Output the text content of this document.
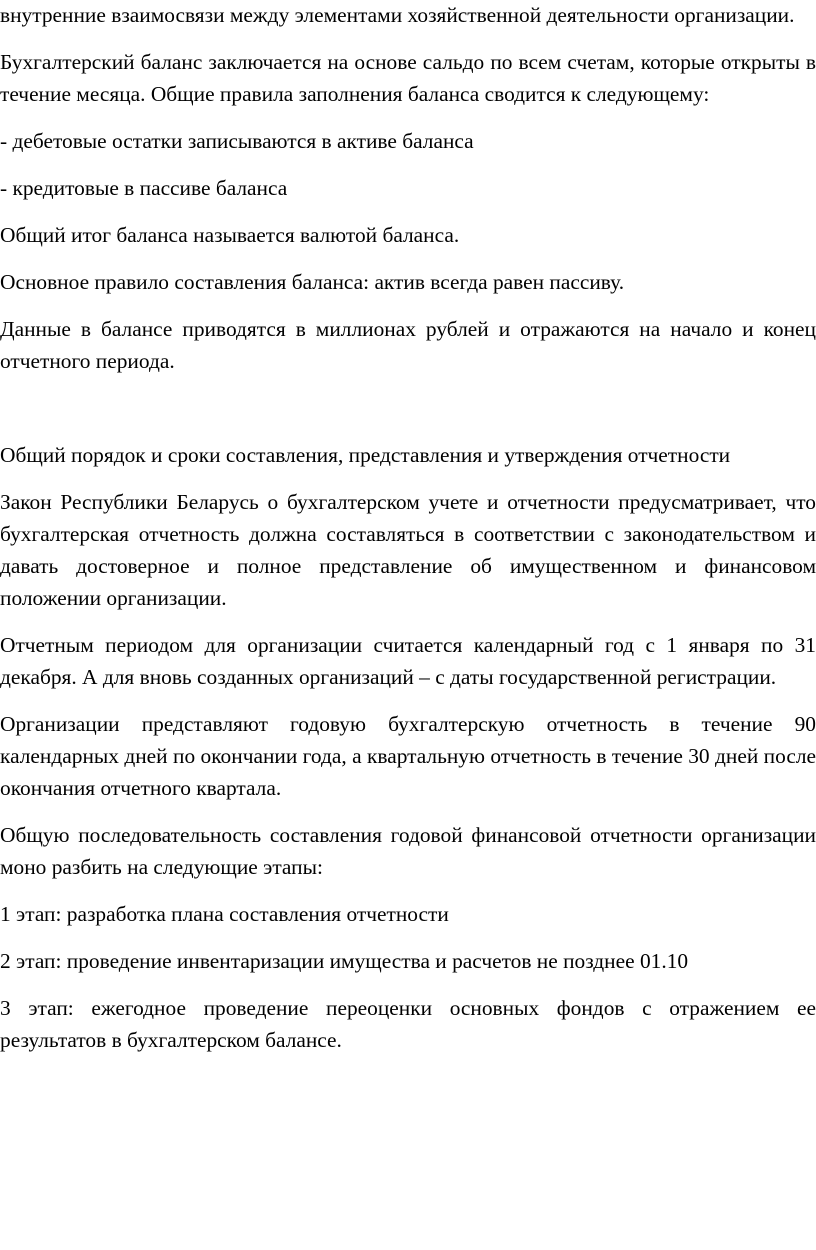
внутренние взаимосвязи между элементами хозяйственной деятельности организации.

Бухгалтерский баланс заключается на основе сальдо по всем счетам, которые открыты в течение месяца. Общие правила заполнения баланса сводится к следующему:

- дебетовые остатки записываются в активе баланса

- кредитовые в пассиве баланса

Общий итог баланса называется валютой баланса.

Основное правило составления баланса: актив всегда равен пассиву.

Данные в балансе приводятся в миллионах рублей и отражаются на начало и конец отчетного периода.

Общий порядок и сроки составления, представления и утверждения отчетности

Закон Республики Беларусь о бухгалтерском учете и отчетности предусматривает, что бухгалтерская отчетность должна составляться в соответствии с законодательством и давать достоверное и полное представление об имущественном и финансовом положении организации.

Отчетным периодом для организации считается календарный год с 1 января по 31 декабря. А для вновь созданных организаций – с даты государственной регистрации.

Организации представляют годовую бухгалтерскую отчетность в течение 90 календарных дней по окончании года, а квартальную отчетность в течение 30 дней после окончания отчетного квартала.

Общую последовательность составления годовой финансовой отчетности организации моно разбить на следующие этапы:

1 этап: разработка плана составления отчетности

2 этап: проведение инвентаризации имущества и расчетов не позднее 01.10

3 этап: ежегодное проведение переоценки основных фондов с отражением ее результатов в бухгалтерском балансе.
